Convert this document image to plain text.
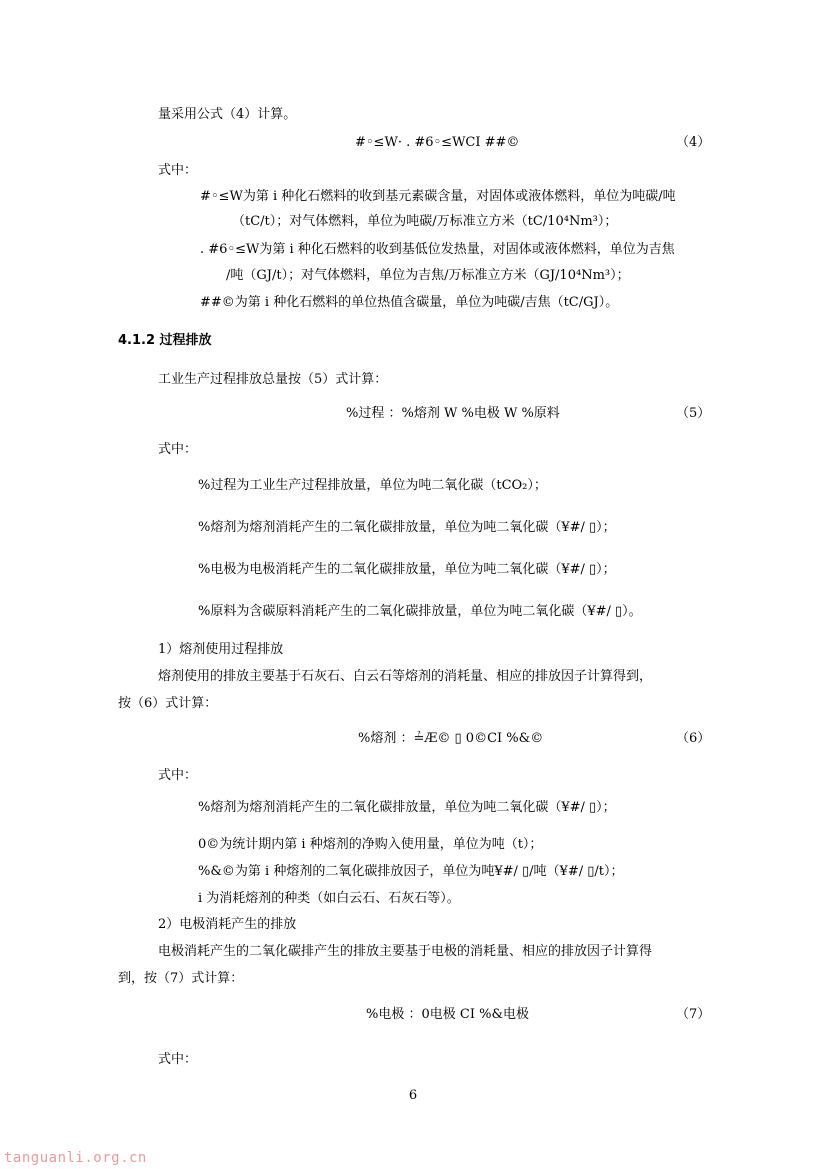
量采用公式（4）计算。
#◦≤W· . #6◦≤WCI ##©	（4）
式中：
#◦≤W为第 i 种化石燃料的收到基元素碳含量，对固体或液体燃料，单位为吨碳/吨
（tC/t）；对气体燃料，单位为吨碳/万标准立方米（tC/10⁴Nm³）；
. #6◦≤W为第 i 种化石燃料的收到基低位发热量，对固体或液体燃料，单位为吉焦
/吨（GJ/t）；对气体燃料，单位为吉焦/万标准立方米（GJ/10⁴Nm³）；
##©为第 i 种化石燃料的单位热值含碳量，单位为吨碳/吉焦（tC/GJ）。
4.1.2 过程排放
工业生产过程排放总量按（5）式计算：
%过程 ：%熔剂 W %电极 W %原料	（5）
式中：
%过程为工业生产过程排放量，单位为吨二氧化碳（tCO₂）；
%熔剂为熔剂消耗产生的二氧化碳排放量，单位为吨二氧化碳（¥#/ ▯）；
%电极为电极消耗产生的二氧化碳排放量，单位为吨二氧化碳（¥#/ ▯）；
%原料为含碳原料消耗产生的二氧化碳排放量，单位为吨二氧化碳（¥#/ ▯）。
1）熔剂使用过程排放
熔剂使用的排放主要基于石灰石、白云石等熔剂的消耗量、相应的排放因子计算得到，
按（6）式计算：
%熔剂 ：≟Æ© ▯ 0©CI %&©	（6）
式中：
%熔剂为熔剂消耗产生的二氧化碳排放量，单位为吨二氧化碳（¥#/ ▯）；
0©为统计期内第 i 种熔剂的净购入使用量，单位为吨（t）；
%&©为第 i 种熔剂的二氧化碳排放因子，单位为吨¥#/ ▯/吨（¥#/ ▯/t）；
i 为消耗熔剂的种类（如白云石、石灰石等）。
2）电极消耗产生的排放
电极消耗产生的二氧化碳排产生的排放主要基于电极的消耗量、相应的排放因子计算得
到，按（7）式计算：
%电极 ：0电极 CI %&电极	（7）
式中：
6
tanguanli.org.cn
